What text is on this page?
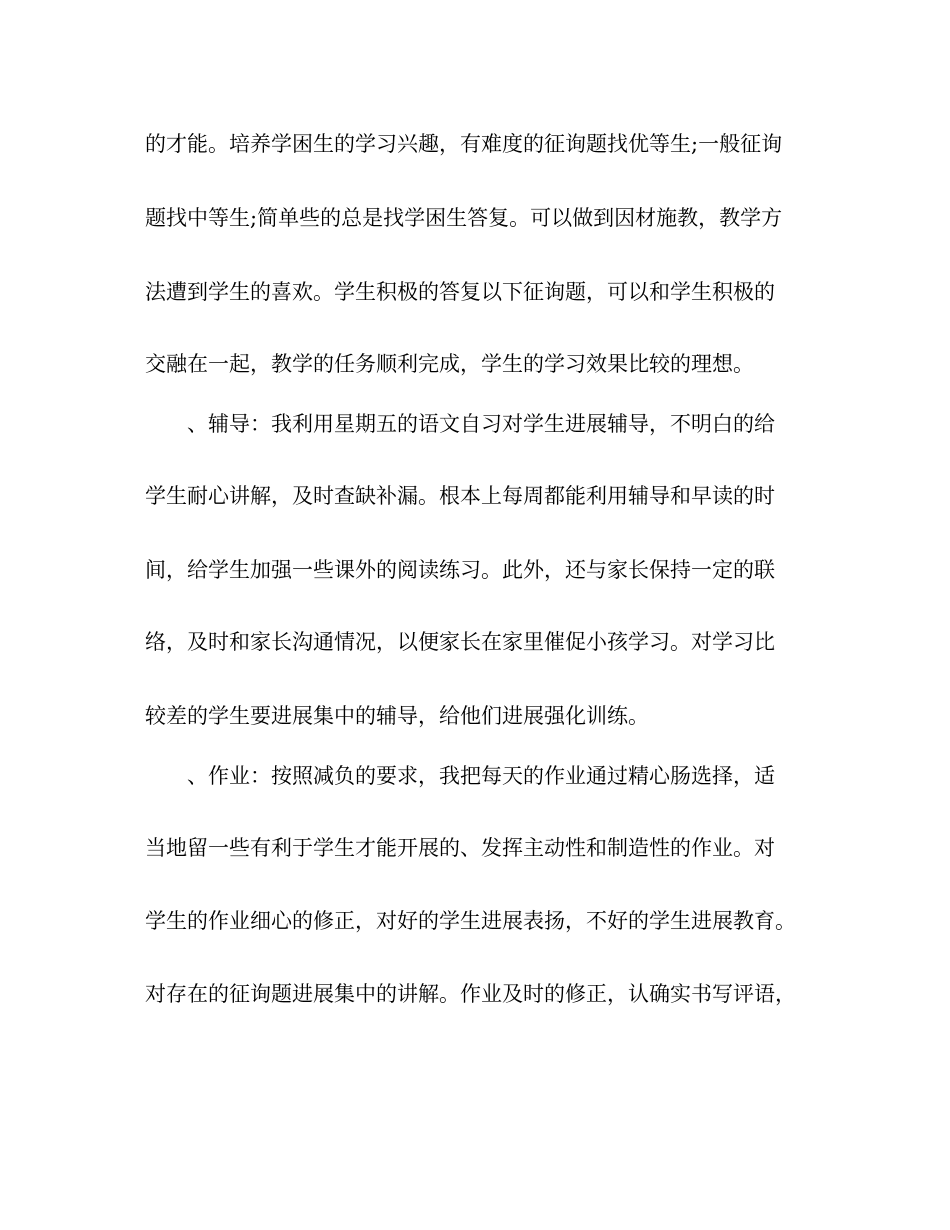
的才能。培养学困生的学习兴趣，有难度的征询题找优等生;一般征询
题找中等生;简单些的总是找学困生答复。可以做到因材施教，教学方
法遭到学生的喜欢。学生积极的答复以下征询题，可以和学生积极的
交融在一起，教学的任务顺利完成，学生的学习效果比较的理想。
、辅导：我利用星期五的语文自习对学生进展辅导，不明白的给
学生耐心讲解，及时查缺补漏。根本上每周都能利用辅导和早读的时
间，给学生加强一些课外的阅读练习。此外，还与家长保持一定的联
络，及时和家长沟通情况，以便家长在家里催促小孩学习。对学习比
较差的学生要进展集中的辅导，给他们进展强化训练。
、作业：按照减负的要求，我把每天的作业通过精心肠选择，适
当地留一些有利于学生才能开展的、发挥主动性和制造性的作业。对
学生的作业细心的修正，对好的学生进展表扬，不好的学生进展教育。
对存在的征询题进展集中的讲解。作业及时的修正，认确实书写评语，
